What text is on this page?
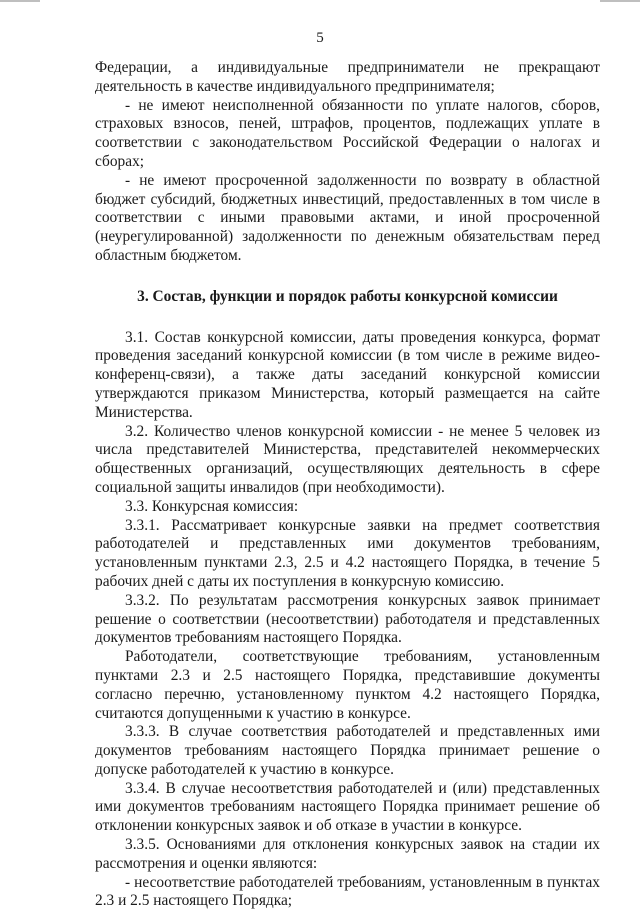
5

Федерации, а индивидуальные предприниматели не прекращают деятельность в качестве индивидуального предпринимателя;

- не имеют неисполненной обязанности по уплате налогов, сборов, страховых взносов, пеней, штрафов, процентов, подлежащих уплате в соответствии с законодательством Российской Федерации о налогах и сборах;

- не имеют просроченной задолженности по возврату в областной бюджет субсидий, бюджетных инвестиций, предоставленных в том числе в соответствии с иными правовыми актами, и иной просроченной (неурегулированной) задолженности по денежным обязательствам перед областным бюджетом.

3. Состав, функции и порядок работы конкурсной комиссии

3.1. Состав конкурсной комиссии, даты проведения конкурса, формат проведения заседаний конкурсной комиссии (в том числе в режиме видео-конференц-связи), а также даты заседаний конкурсной комиссии утверждаются приказом Министерства, который размещается на сайте Министерства.

3.2. Количество членов конкурсной комиссии - не менее 5 человек из числа представителей Министерства, представителей некоммерческих общественных организаций, осуществляющих деятельность в сфере социальной защиты инвалидов (при необходимости).

3.3. Конкурсная комиссия:

3.3.1. Рассматривает конкурсные заявки на предмет соответствия работодателей и представленных ими документов требованиям, установленным пунктами 2.3, 2.5 и 4.2 настоящего Порядка, в течение 5 рабочих дней с даты их поступления в конкурсную комиссию.

3.3.2. По результатам рассмотрения конкурсных заявок принимает решение о соответствии (несоответствии) работодателя и представленных документов требованиям настоящего Порядка.

Работодатели, соответствующие требованиям, установленным пунктами 2.3 и 2.5 настоящего Порядка, представившие документы согласно перечню, установленному пунктом 4.2 настоящего Порядка, считаются допущенными к участию в конкурсе.

3.3.3. В случае соответствия работодателей и представленных ими документов требованиям настоящего Порядка принимает решение о допуске работодателей к участию в конкурсе.

3.3.4. В случае несоответствия работодателей и (или) представленных ими документов требованиям настоящего Порядка принимает решение об отклонении конкурсных заявок и об отказе в участии в конкурсе.

3.3.5. Основаниями для отклонения конкурсных заявок на стадии их рассмотрения и оценки являются:

- несоответствие работодателей требованиям, установленным в пунктах 2.3 и 2.5 настоящего Порядка;
